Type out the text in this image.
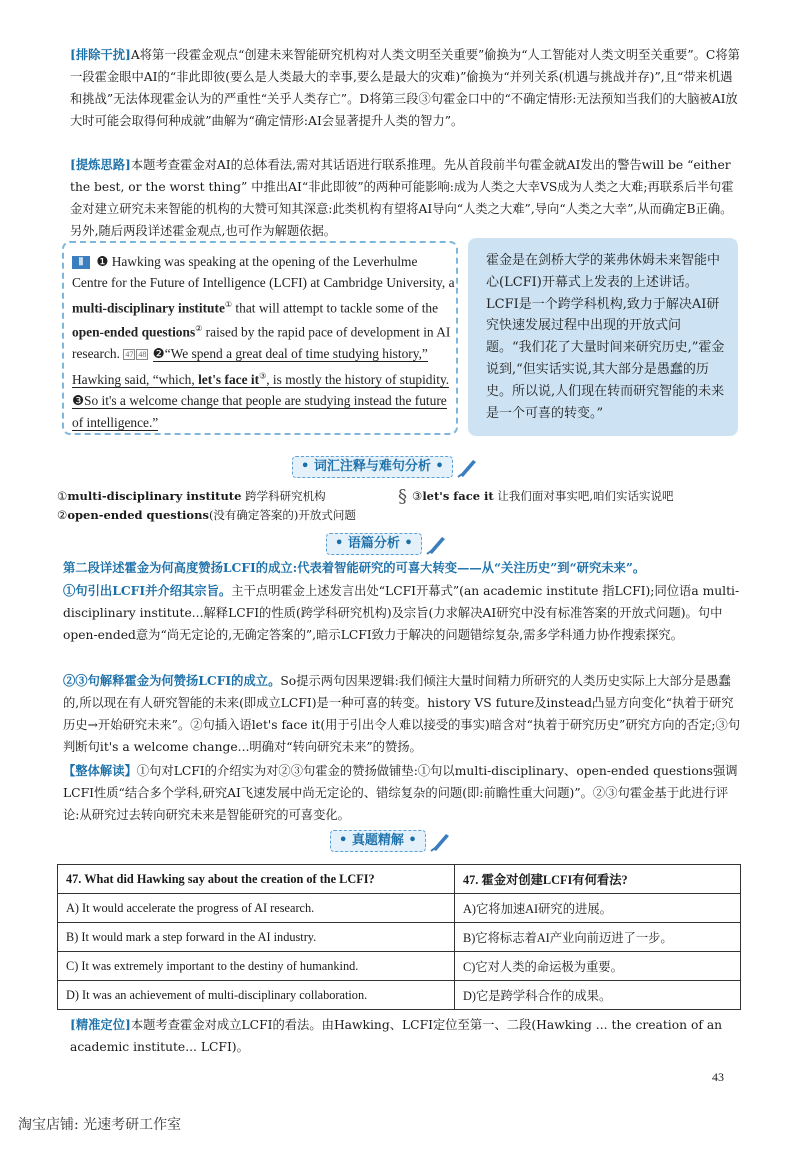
[排除干扰]A将第一段霍金观点“创建未来智能研究机构对人类文明至关重要”偷换为“人工智能对人类文明至关重要”。C将第一段霍金眼中AI的“非此即彼(要么是人类最大的幸事,要么是最大的灾难)”偷换为“并列关系(机遇与挑战并存)”,且“带来机遇和挑战”无法体现霍金认为的严重性“关乎人类存亡”。D将第三段③句霍金口中的“不确定情形:无法预知当我们的大脑被AI放大时可能会取得何种成就”曲解为“确定情形:AI会显著提升人类的智力”。

[提炼思路]本题考查霍金对AI的总体看法,需对其话语进行联系推理。先从首段前半句霍金就AI发出的警告will be “either the best, or the worst thing” 中推出AI“非此即彼”的两种可能影响:成为人类之大幸VS成为人类之大难;再联系后半句霍金对建立研究未来智能的机构的大赞可知其深意:此类机构有望将AI导向“人类之大难”,导向“人类之大幸”,从而确定B正确。另外,随后两段详述霍金观点,也可作为解题依据。

Ⅱ ❶ Hawking was speaking at the opening of the Leverhulme Centre for the Future of Intelligence (LCFI) at Cambridge University, a multi-disciplinary institute① that will attempt to tackle some of the open-ended questions② raised by the rapid pace of development in AI research. 47 48 ❷“We spend a great deal of time studying history,” Hawking said, “which, let's face it③, is mostly the history of stupidity. ❸So it's a welcome change that people are studying instead the future of intelligence.”

霍金是在剑桥大学的莱弗休姆未来智能中心(LCFI)开幕式上发表的上述讲话。LCFI是一个跨学科机构,致力于解决AI研究快速发展过程中出现的开放式问题。“我们花了大量时间来研究历史,”霍金说到,“但实话实说,其大部分是愚蠢的历史。所以说,人们现在转而研究智能的未来是一个可喜的转变。”
• 词汇注释与难句分析 •
①multi-disciplinary institute 跨学科研究机构
②open-ended questions(没有确定答案的)开放式问题
§ ③let's face it 让我们面对事实吧,咱们实话实说吧
• 语篇分析 •

第二段详述霍金为何高度赞扬LCFI的成立:代表着智能研究的可喜大转变——从“关注历史”到“研究未来”。

①句引出LCFI并介绍其宗旨。主干点明霍金上述发言出处“LCFI开幕式”(an academic institute 指LCFI);同位语a multi-disciplinary institute...解释LCFI的性质(跨学科研究机构)及宗旨(力求解决AI研究中没有标准答案的开放式问题)。句中open-ended意为“尚无定论的,无确定答案的”,暗示LCFI致力于解决的问题错综复杂,需多学科通力协作搜索探究。

②③句解释霍金为何赞扬LCFI的成立。So提示两句因果逻辑:我们倾注大量时间精力所研究的人类历史实际上大部分是愚蠢的,所以现在有人研究智能的未来(即成立LCFI)是一种可喜的转变。history VS future及instead凸显方向变化“执着于研究历史→开始研究未来”。②句插入语let's face it(用于引出令人难以接受的事实)暗含对“执着于研究历史”研究方向的否定;③句判断句it's a welcome change...明确对“转向研究未来”的赞扬。

【整体解读】①句对LCFI的介绍实为对②③句霍金的赞扬做铺垫:①句以multi-disciplinary、open-ended questions强调LCFI性质“结合多个学科,研究AI飞速发展中尚无定论的、错综复杂的问题(即:前瞻性重大问题)”。②③句霍金基于此进行评论:从研究过去转向研究未来是智能研究的可喜变化。

• 真题精解 •
47. What did Hawking say about the creation of the LCFI?	47. 霍金对创建LCFI有何看法?
A) It would accelerate the progress of AI research.	A)它将加速AI研究的进展。
B) It would mark a step forward in the AI industry.	B)它将标志着AI产业向前迈进了一步。
C) It was extremely important to the destiny of humankind.	C)它对人类的命运极为重要。
D) It was an achievement of multi-disciplinary collaboration.	D)它是跨学科合作的成果。

[精准定位]本题考查霍金对成立LCFI的看法。由Hawking、LCFI定位至第一、二段(Hawking ... the creation of an academic institute... LCFI)。

43
淘宝店铺: 光速考研工作室
